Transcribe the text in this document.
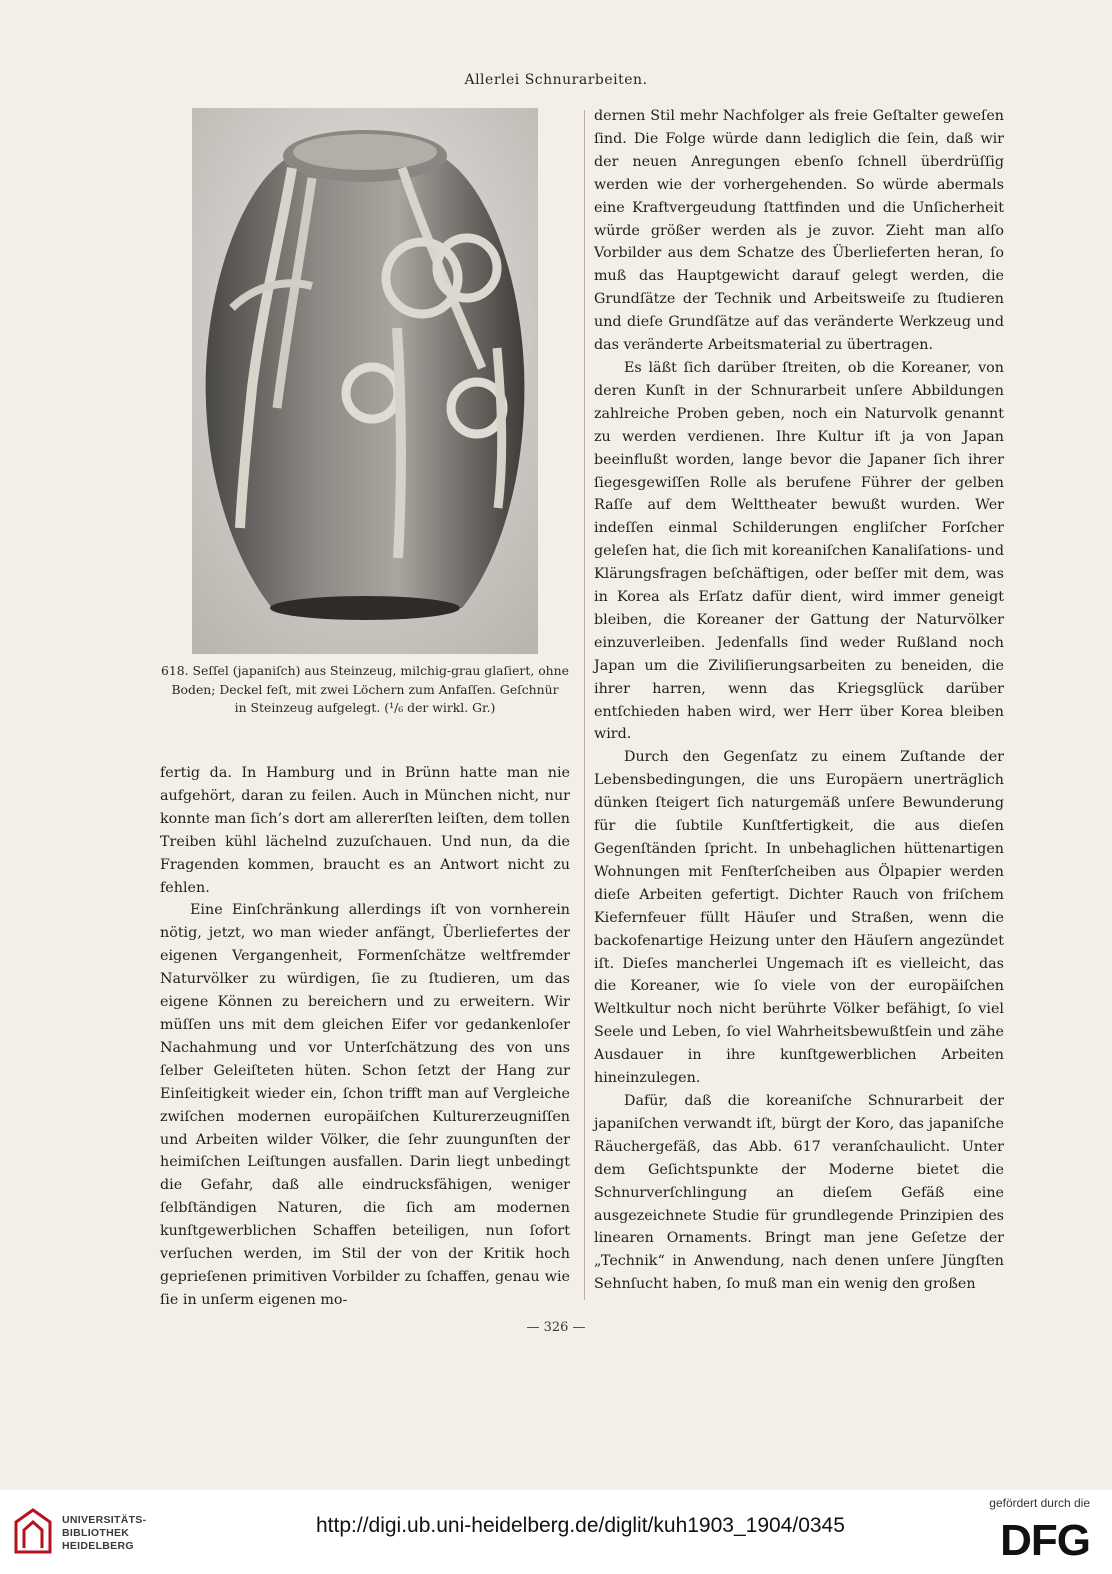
Allerlei Schnurarbeiten.
618. Seſſel (japaniſch) aus Steinzeug, milchig-grau glaſiert, ohne
Boden; Deckel feſt, mit zwei Löchern zum Anfaſſen. Geſchnür
in Steinzeug aufgelegt. (¹/₆ der wirkl. Gr.)

fertig da. In Hamburg und in Brünn hatte man nie aufgehört, daran zu feilen. Auch in München nicht, nur konnte man ſich’s dort am allererſten leiſten, dem tollen Treiben kühl lächelnd zuzuſchauen. Und nun, da die Fragenden kommen, braucht es an Antwort nicht zu fehlen.

Eine Einſchränkung allerdings iſt von vornherein nötig, jetzt, wo man wieder anfängt, Überliefertes der eigenen Vergangenheit, Formenſchätze weltfremder Naturvölker zu würdigen, ſie zu ſtudieren, um das eigene Können zu bereichern und zu erweitern. Wir müſſen uns mit dem gleichen Eifer vor gedankenloſer Nachahmung und vor Unterſchätzung des von uns ſelber Geleiſteten hüten. Schon ſetzt der Hang zur Einſeitigkeit wieder ein, ſchon trifft man auf Vergleiche zwiſchen modernen europäiſchen Kulturerzeugniſſen und Arbeiten wilder Völker, die ſehr zuungunſten der heimiſchen Leiſtungen ausfallen. Darin liegt unbedingt die Gefahr, daß alle eindrucksfähigen, weniger ſelbſtändigen Naturen, die ſich am modernen kunſtgewerblichen Schaffen beteiligen, nun ſofort verſuchen werden, im Stil der von der Kritik hoch geprieſenen primitiven Vorbilder zu ſchaffen, genau wie ſie in unſerm eigenen mo-

dernen Stil mehr Nachfolger als freie Geſtalter geweſen ſind. Die Folge würde dann lediglich die ſein, daß wir der neuen Anregungen ebenſo ſchnell überdrüſſig werden wie der vorhergehenden. So würde abermals eine Kraftvergeudung ſtattfinden und die Unſicherheit würde größer werden als je zuvor. Zieht man alſo Vorbilder aus dem Schatze des Überlieferten heran, ſo muß das Hauptgewicht darauf gelegt werden, die Grundſätze der Technik und Arbeitsweiſe zu ſtudieren und dieſe Grundſätze auf das veränderte Werkzeug und das veränderte Arbeitsmaterial zu übertragen.

Es läßt ſich darüber ſtreiten, ob die Koreaner, von deren Kunſt in der Schnurarbeit unſere Abbildungen zahlreiche Proben geben, noch ein Naturvolk genannt zu werden verdienen. Ihre Kultur iſt ja von Japan beeinflußt worden, lange bevor die Japaner ſich ihrer ſiegesgewiſſen Rolle als berufene Führer der gelben Raſſe auf dem Welttheater bewußt wurden. Wer indeſſen einmal Schilderungen engliſcher Forſcher geleſen hat, die ſich mit koreaniſchen Kanaliſations- und Klärungsfragen beſchäftigen, oder beſſer mit dem, was in Korea als Erſatz dafür dient, wird immer geneigt bleiben, die Koreaner der Gattung der Naturvölker einzuverleiben. Jedenfalls ſind weder Rußland noch Japan um die Ziviliſierungsarbeiten zu beneiden, die ihrer harren, wenn das Kriegsglück darüber entſchieden haben wird, wer Herr über Korea bleiben wird.

Durch den Gegenſatz zu einem Zuſtande der Lebensbedingungen, die uns Europäern unerträglich dünken ſteigert ſich naturgemäß unſere Bewunderung für die ſubtile Kunſtfertigkeit, die aus dieſen Gegenſtänden ſpricht. In unbehaglichen hüttenartigen Wohnungen mit Fenſterſcheiben aus Ölpapier werden dieſe Arbeiten gefertigt. Dichter Rauch von friſchem Kiefernfeuer füllt Häuſer und Straßen, wenn die backofenartige Heizung unter den Häuſern angezündet iſt. Dieſes mancherlei Ungemach iſt es vielleicht, das die Koreaner, wie ſo viele von der europäiſchen Weltkultur noch nicht berührte Völker befähigt, ſo viel Seele und Leben, ſo viel Wahrheitsbewußtſein und zähe Ausdauer in ihre kunſtgewerblichen Arbeiten hineinzulegen.

Dafür, daß die koreaniſche Schnurarbeit der japaniſchen verwandt iſt, bürgt der Koro, das japaniſche Räuchergefäß, das Abb. 617 veranſchaulicht. Unter dem Geſichtspunkte der Moderne bietet die Schnurverſchlingung an dieſem Gefäß eine ausgezeichnete Studie für grundlegende Prinzipien des linearen Ornaments. Bringt man jene Geſetze der „Technik“ in Anwendung, nach denen unſere Jüngſten Sehnſucht haben, ſo muß man ein wenig den großen

— 326 —
UNIVERSITÄTS-
BIBLIOTHEK
HEIDELBERG
http://digi.ub.uni-heidelberg.de/diglit/kuh1903_1904/0345
gefördert durch die
DFG
